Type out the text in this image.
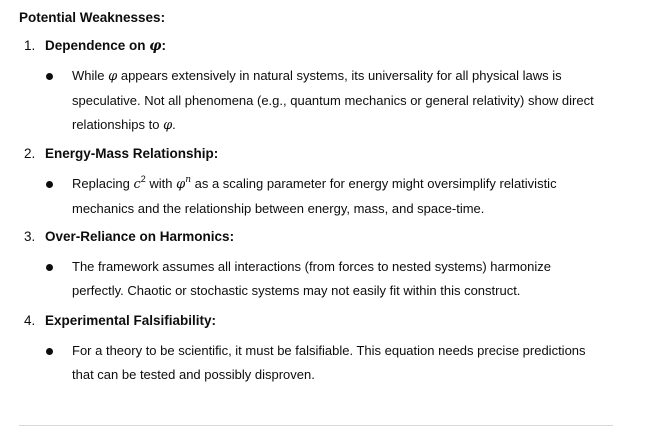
Potential Weaknesses:
1. Dependence on φ:
While φ appears extensively in natural systems, its universality for all physical laws is speculative. Not all phenomena (e.g., quantum mechanics or general relativity) show direct relationships to φ.
2. Energy-Mass Relationship:
Replacing $c^2$ with $\varphi^n$ as a scaling parameter for energy might oversimplify relativistic mechanics and the relationship between energy, mass, and space-time.
3. Over-Reliance on Harmonics:
The framework assumes all interactions (from forces to nested systems) harmonize perfectly. Chaotic or stochastic systems may not easily fit within this construct.
4. Experimental Falsifiability:
For a theory to be scientific, it must be falsifiable. This equation needs precise predictions that can be tested and possibly disproven.
